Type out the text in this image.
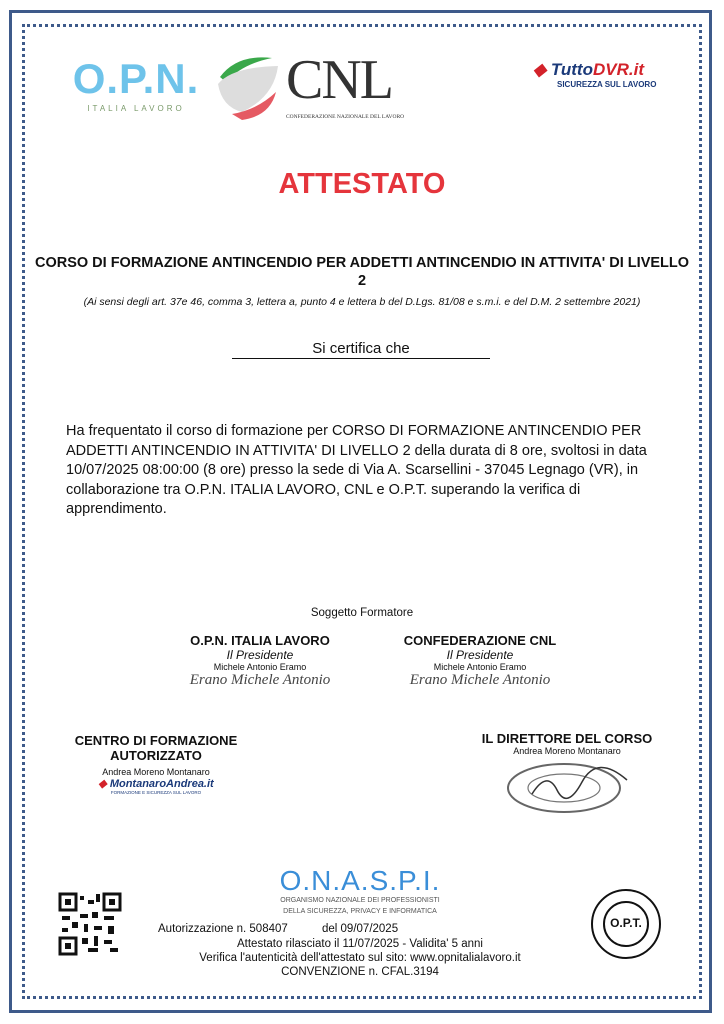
O.P.N.
ITALIA LAVORO	CNL
CONFEDERAZIONE NAZIONALE DEL LAVORO
◆ TuttoDVR.it
SICUREZZA SUL LAVORO
ATTESTATO
CORSO DI FORMAZIONE ANTINCENDIO PER ADDETTI ANTINCENDIO IN ATTIVITA' DI LIVELLO 2
(Ai sensi degli art. 37e 46, comma 3, lettera a, punto 4 e lettera b del D.Lgs. 81/08 e s.m.i. e del D.M. 2 settembre 2021)
Si certifica che
Ha frequentato il corso di formazione per CORSO DI FORMAZIONE ANTINCENDIO PER ADDETTI ANTINCENDIO IN ATTIVITA' DI LIVELLO 2 della durata di 8 ore, svoltosi in data 10/07/2025 08:00:00 (8 ore) presso la sede di Via A. Scarsellini - 37045 Legnago (VR), in collaborazione tra O.P.N. ITALIA LAVORO, CNL e O.P.T. superando la verifica di apprendimento.
Soggetto Formatore
O.P.N. ITALIA LAVORO
Il Presidente
Michele Antonio Eramo
Erano Michele Antonio
CONFEDERAZIONE CNL
Il Presidente
Michele Antonio Eramo
Erano Michele Antonio
CENTRO DI FORMAZIONE
AUTORIZZATO
Andrea Moreno Montanaro
◆ MontanaroAndrea.it
FORMAZIONE E SICUREZZA SUL LAVORO
IL DIRETTORE DEL CORSO
Andrea Moreno Montanaro
O.N.A.S.P.I.
ORGANISMO NAZIONALE DEI PROFESSIONISTI
DELLA SICUREZZA, PRIVACY E INFORMATICA
Autorizzazione n. 508407	del 09/07/2025
Attestato rilasciato il 11/07/2025 - Validita' 5 anni
Verifica l'autenticità dell'attestato sul sito: www.opnitalialavoro.it
CONVENZIONE n. CFAL.3194
O.P.T.
